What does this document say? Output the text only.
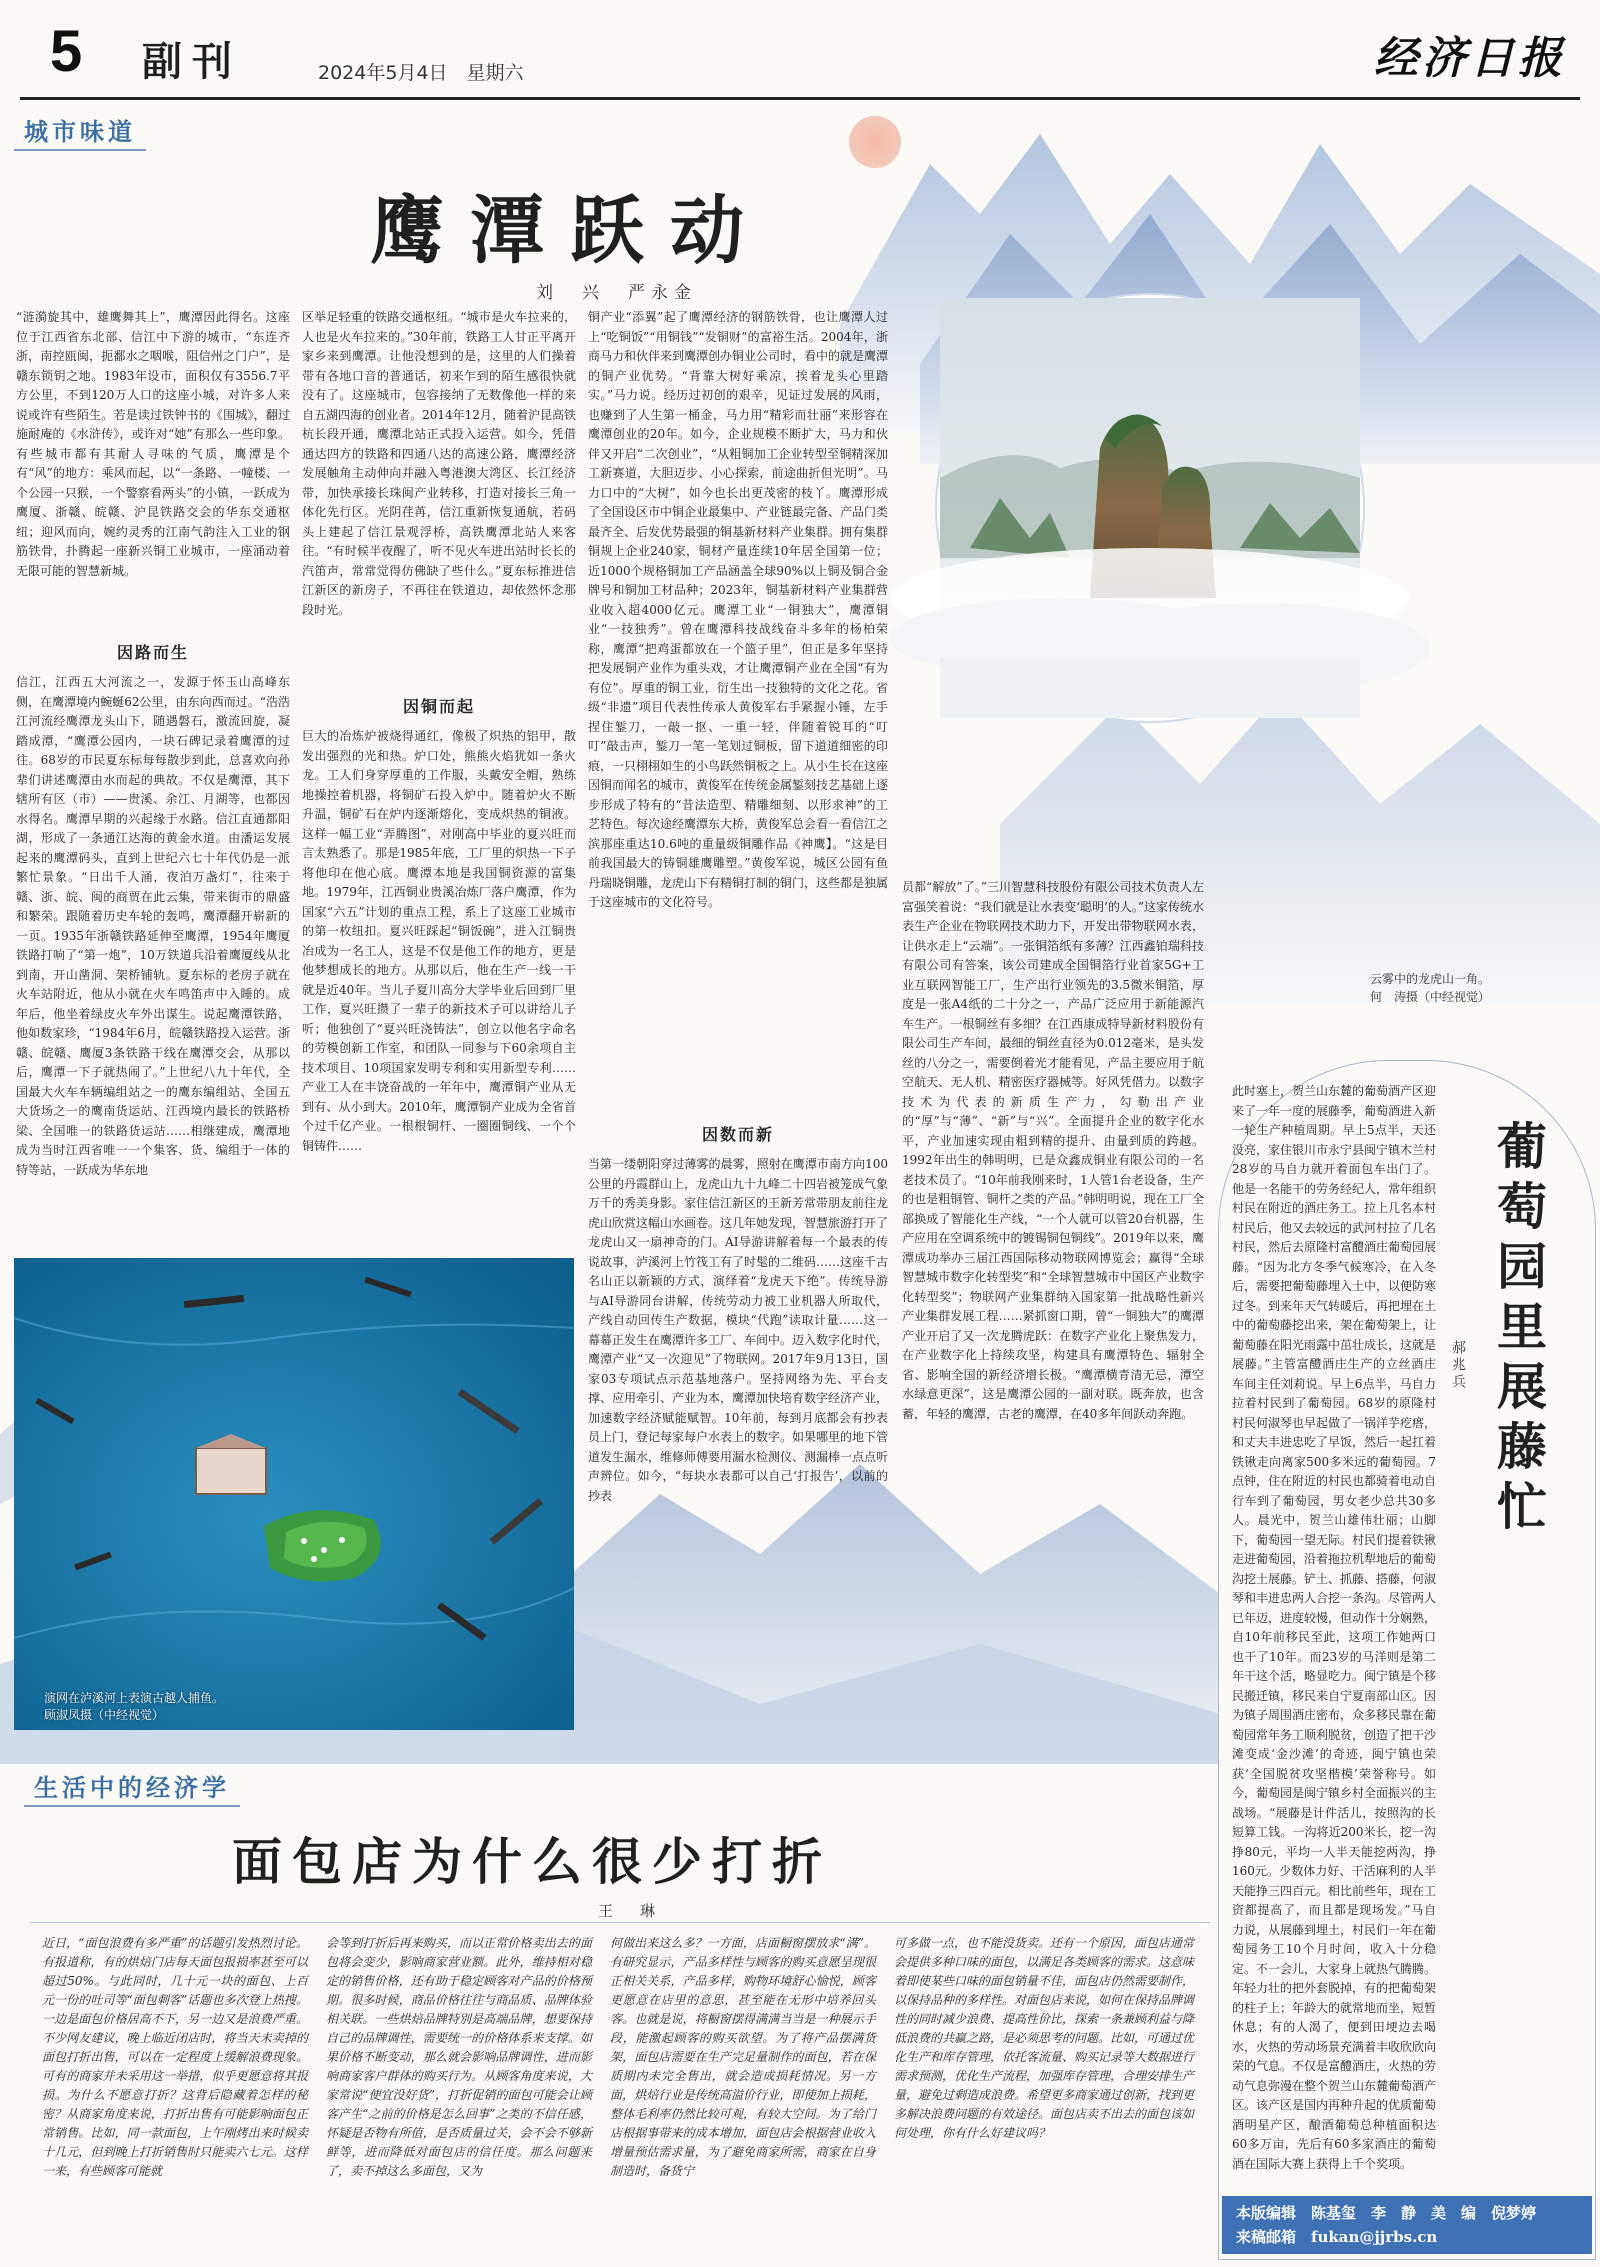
5 副刊	2024年5月4日　星期六	经济日报
城市味道
鹰潭跃动
刘　兴　严永金
“涟漪旋其中，雄鹰舞其上”，鹰潭因此得名。这座位于江西省东北部、信江中下游的城市，“东连齐浙，南控瓯闽，扼鄱水之咽喉，阻信州之门户”，是赣东锁钥之地。1983年设市，面积仅有3556.7平方公里，不到120万人口的这座小城，对许多人来说或许有些陌生。若是读过铁钟书的《围城》，翻过施耐庵的《水浒传》，或许对“她”有那么一些印象。有些城市都有其耐人寻味的气质，鹰潭是个有“风”的地方：乘风而起，以“一条路、一幢楼、一个公园一只猴，一个警察看两头”的小镇，一跃成为鹰厦、浙赣、皖赣、沪昆铁路交会的华东交通枢纽；迎风而向，婉约灵秀的江南气韵注入工业的钢筋铁骨，扑腾起一座新兴铜工业城市，一座涌动着无限可能的智慧新城。
因路而生
信江，江西五大河流之一，发源于怀玉山高峰东侧，在鹰潭境内蜿蜒62公里，由东向西而过。“浩浩江河流经鹰潭龙头山下，随遇磐石，激流回旋，凝踏成潭，“鹰潭公园内，一块石碑记录着鹰潭的过往。68岁的市民夏东标每每散步到此，总喜欢向孙辈们讲述鹰潭由水而起的典故。不仅是鹰潭，其下辖所有区（市）——贵溪、余江、月湖等，也都因水得名。鹰潭早期的兴起缘于水路。信江直通都阳湖，形成了一条通江达海的黄金水道。由潘运发展起来的鹰潭码头，直到上世纪六七十年代仍是一派繁忙景象。“日出千人涌，夜泊万盏灯”，往来于赣、浙、皖、闽的商贾在此云集，带来街市的鼎盛和繁荣。跟随着历史车轮的轰鸣，鹰潭翻开崭新的一页。1935年浙赣铁路延伸至鹰潭，1954年鹰厦铁路打响了“第一炮”，10万铁道兵沿着鹰厦线从北到南，开山凿洞、架桥铺轨。夏东标的老房子就在火车站附近，他从小就在火车鸣笛声中入睡的。成年后，他坐着绿皮火车外出谋生。说起鹰潭铁路，他如数家珍，“1984年6月，皖赣铁路投入运营。浙赣、皖赣、鹰厦3条铁路干线在鹰潭交会，从那以后，鹰潭一下子就热闹了。”上世纪八九十年代，全国最大火车车辆编组站之一的鹰东编组站、全国五大货场之一的鹰南货运站、江西境内最长的铁路桥梁、全国唯一的铁路货运站……相继建成，鹰潭地成为当时江西省唯一一个集客、货、编组于一体的特等站，一跃成为华东地
区举足轻重的铁路交通枢纽。“城市是火车拉来的，人也是火车拉来的。”30年前，铁路工人甘正平离开家乡来到鹰潭。让他没想到的是，这里的人们操着带有各地口音的普通话，初来乍到的陌生感很快就没有了。这座城市，包容接纳了无数像他一样的来自五湖四海的创业者。2014年12月，随着沪昆高铁杭长段开通，鹰潭北站正式投入运营。如今，凭借通达四方的铁路和四通八达的高速公路，鹰潭经济发展触角主动伸向并融入粤港澳大湾区、长江经济带，加快承接长珠闽产业转移，打造对接长三角一体化先行区。光阴荏苒，信江重新恢复通航，若码头上建起了信江景观浮桥，高铁鹰潭北站人来客往。“有时候半夜醒了，听不见火车进出站时长长的汽笛声，常常觉得仿佛缺了些什么。”夏东标推进信江新区的新房子，不再往在铁道边，却依然怀念那段时光。
因铜而起
巨大的冶炼炉被烧得通红，像极了炽热的铝甲，散发出强烈的光和热。炉口处，熊熊火焰犹如一条火龙。工人们身穿厚重的工作服，头戴安全帽，熟练地操控着机器，将铜矿石投入炉中。随着炉火不断升温，铜矿石在炉内逐渐熔化，变成炽热的铜液。这样一幅工业“弄腾图”，对刚高中毕业的夏兴旺而言太熟悉了。那是1985年底，工厂里的炽热一下子将他印在他心底。鹰潭本地是我国铜资源的富集地。1979年，江西铜业贵溪冶炼厂落户鹰潭，作为国家“六五”计划的重点工程，系上了这座工业城市的第一枚纽扣。夏兴旺踩起“铜饭碗”，进入江铜贵冶成为一名工人，这是不仅是他工作的地方，更是他梦想成长的地方。从那以后，他在生产一线一干就是近40年。当儿子夏川高分大学毕业后回到厂里工作，夏兴旺攒了一辈子的新技术子可以讲给儿子听；他独创了“夏兴旺浇铸法”，创立以他名字命名的劳模创新工作室，和团队一同参与下60余项自主技术项目、10项国家发明专利和实用新型专利……产业工人在丰饶奋战的一年年中，鹰潭铜产业从无到有、从小到大。2010年，鹰潭铜产业成为全省首个过千亿产业。一根根铜杆、一圈圈铜线、一个个铜铸件……
铜产业“添翼”起了鹰潭经济的钢筋铁骨，也让鹰潭人过上“吃铜饭”“用铜钱”“发铜财”的富裕生活。2004年，浙商马力和伙伴来到鹰潭创办铜业公司时，看中的就是鹰潭的铜产业优势。“背靠大树好乘凉，挨着龙头心里踏实。”马力说。经历过初创的艰辛，见证过发展的风雨，也赚到了人生第一桶金，马力用“精彩而壮丽”来形容在鹰潭创业的20年。如今，企业规模不断扩大，马力和伙伴又开启“二次创业”，“从粗铜加工企业转型至铜精深加工新赛道，大胆迈步、小心探索，前途曲折但光明”。马力口中的“大树”，如今也长出更茂密的枝丫。鹰潭形成了全国设区市中铜企业最集中、产业链最完备、产品门类最齐全、后发优势最强的铜基新材料产业集群。拥有集群铜规上企业240家，铜材产量连续10年居全国第一位；近1000个规格铜加工产品涵盖全球90%以上铜及铜合金牌号和铜加工材品种；2023年，铜基新材料产业集群营业收入超4000亿元。鹰潭工业“一铜独大”，鹰潭铜业“一技独秀”。曾在鹰潭科技战线奋斗多年的杨柏荣称，鹰潭“把鸡蛋都放在一个篮子里”，但正是多年坚持把发展铜产业作为重头戏，才让鹰潭铜产业在全国“有为有位”。厚重的铜工业，衍生出一技独特的文化之花。省级“非遗”项目代表性传承人黄俊军右手紧握小锤，左手捏住錾刀，一敲一抠、一重一轻，伴随着锐耳的“叮叮”敲击声，錾刀一笔一笔划过铜板，留下道道细密的印痕，一只栩栩如生的小鸟跃然铜板之上。从小生长在这座因铜而闻名的城市，黄俊军在传统金属錾刻技艺基础上逐步形成了特有的“昔法造型、精雕细刻、以形求神”的工艺特色。每次途经鹰潭东大桥，黄俊军总会看一看信江之滨那座重达10.6吨的重量级铜雕作品《神鹰】。“这是目前我国最大的铸铜雄鹰雕塑。”黄俊军说，城区公园有鱼丹瑞晓铜雕，龙虎山下有精铜打制的铜门，这些都是独属于这座城市的文化符号。
因数而新
当第一缕朝阳穿过薄雾的晨雾，照射在鹰潭市南方向100公里的丹霞群山上，龙虎山九十九峰二十四岩被笼成气象万千的秀美身影。家住信江新区的王新芳常带朋友前往龙虎山欣赏这幅山水画卷。这几年她发现，智慧旅游打开了龙虎山又一扇神奇的门。AI导游讲解着每一个最表的传说故事，泸溪河上竹筏工有了时髦的二维码……这座千古名山正以新颖的方式，演绎着“龙虎天下绝”。传统导游与AI导游同台讲解，传统劳动力被工业机器人所取代，产线自动回传生产数据，模块“代跑”读取计量……这一幕幕正发生在鹰潭许多工厂、车间中。迈入数字化时代，鹰潭产业“又一次迎见”了物联网。2017年9月13日，国家03专项试点示范基地落户。坚持网络为先、平台支撑、应用牵引、产业为本，鹰潭加快培育数字经济产业，加速数字经济赋能赋智。10年前，每到月底都会有抄表员上门，登记每家每户水表上的数字。如果哪里的地下管道发生漏水，维修师傅要用漏水检测仪、测漏棒一点点听声辨位。如今，“每块水表都可以自己‘打报告’，以前的抄表
员都“解放”了。”三川智慧科技股份有限公司技术负责人左富强笑着说：“我们就是让水表变‘聪明’的人。”这家传统水表生产企业在物联网技术助力下，开发出带物联网水表，让供水走上“云端”。一张铜箔纸有多薄？江西鑫铂瑞科技有限公司有答案，该公司建成全国铜箔行业首家5G+工业互联网智能工厂，生产出行业领先的3.5微米铜箔，厚度是一张A4纸的二十分之一，产品广泛应用于新能源汽车生产。一根铜丝有多细？在江西康成特导新材料股份有限公司生产车间，最细的铜丝直径为0.012毫米，是头发丝的八分之一，需要倒着光才能看见，产品主要应用于航空航天、无人机、精密医疗器械等。好风凭借力。以数字技术为代表的新质生产力，勾勒出产业的“厚”与“薄”、“新”与“兴”。全面提升企业的数字化水平，产业加速实现由粗到精的提升、由量到质的跨越。1992年出生的韩明明，已是众鑫成铜业有限公司的一名老技术员了。“10年前我刚来时，1人管1台老设备，生产的也是粗铜管、铜杆之类的产品。”韩明明说，现在工厂全部换成了智能化生产线，“一个人就可以管20台机器，生产应用在空调系统中的镀锡铜包铜线”。2019年以来，鹰潭成功举办三届江西国际移动物联网博览会；赢得“全球智慧城市数字化转型奖”和“全球智慧城市中国区产业数字化转型奖”；物联网产业集群纳入国家第一批战略性新兴产业集群发展工程……紧抓窗口期，曾“一铜独大”的鹰潭产业开启了又一次龙腾虎跃：在数字产业化上聚焦发力，在产业数字化上持续攻坚，构建具有鹰潭特色、辐射全省、影响全国的新经济增长极。“鹰潭横青清无忌，潭空水绿意更深”，这是鹰潭公园的一副对联。既奔放，也含蓄，年轻的鹰潭，古老的鹰潭，在40多年间跃动奔跑。
云雾中的龙虎山一角。
何　涛摄（中经视觉）
演网在泸溪河上表演古越人捕鱼。
顾淑凤摄（中经视觉）
葡萄园里展藤忙
郝兆兵
此时塞上，贺兰山东麓的葡萄酒产区迎来了一年一度的展藤季，葡萄酒进入新一轮生产种植周期。早上5点半，天还没亮，家住银川市永宁县闽宁镇木兰村28岁的马自力就开着面包车出门了。他是一名能干的劳务经纪人，常年组织村民在附近的酒庄务工。拉上几名本村村民后，他又去较远的武河村拉了几名村民，然后去原隆村富醴酒庄葡萄园展藤。“因为北方冬季气候寒冷，在入冬后，需要把葡萄藤埋入土中，以便防寒过冬。到来年天气转暖后，再把埋在土中的葡萄藤挖出来，架在葡萄架上，让葡萄藤在阳光雨露中茁壮成长，这就是展藤。”主管富醴酒庄生产的立丝酒庄车间主任刘莉说。早上6点半，马自力拉着村民到了葡萄园。68岁的原隆村村民何淑琴也早起做了一锅洋芋疙瘩，和丈夫丰进忠吃了早饭，然后一起扛着铁锹走向离家500多米远的葡萄园。7点钟，住在附近的村民也都骑着电动自行车到了葡萄园，男女老少总共30多人。晨光中，贺兰山雄伟壮丽；山脚下，葡萄园一望无际。村民们提着铁锹走进葡萄园，沿着拖拉机犁地后的葡萄沟挖土展藤。铲土、抓藤、搭藤，何淑琴和丰进忠两人合挖一条沟。尽管两人已年迈，进度较慢，但动作十分娴熟，自10年前移民至此，这项工作她两口也干了10年。而23岁的马洋则是第二年干这个活，略显吃力。闽宁镇是个移民搬迁镇，移民来自宁夏南部山区。因为镇子周围酒庄密布，众多移民靠在葡萄园常年务工顺利脱贫，创造了把干沙滩变成‘金沙滩’的奇迹，闽宁镇也荣获‘全国脱贫攻坚楷模’荣誉称号。如今，葡萄园是闽宁镇乡村全面振兴的主战场。“展藤是计件活儿，按照沟的长短算工钱。一沟将近200米长，挖一沟挣80元，平均一人半天能挖两沟，挣160元。少数体力好、干活麻利的人半天能挣三四百元。相比前些年，现在工资都提高了，而且都是现场发。”马自力说，从展藤到埋土，村民们一年在葡萄园务工10个月时间，收入十分稳定。不一会儿，大家身上就热气腾腾。年轻力壮的把外套脱掉，有的把葡萄架的柱子上；年龄大的就常地而坐，短暂休息；有的人渴了，便到田埂边去喝水，火热的劳动场景充满着丰收欣欣向荣的气息。不仅是富醴酒庄，火热的劳动气息弥漫在整个贺兰山东麓葡萄酒产区。该产区是国内再种升起的优质葡萄酒明星产区，酿酒葡萄总种植面积达60多万亩，先后有60多家酒庄的葡萄酒在国际大赛上获得上千个奖项。
本版编辑　陈基玺　李　静　美　编　倪梦婷
来稿邮箱　fukan@jjrbs.cn
生活中的经济学
面包店为什么很少打折
王　琳
近日，“面包浪费有多严重”的话题引发热烈讨论。有报道称，有的烘焙门店每天面包报损率甚至可以超过50%。与此同时，几十元一块的面包、上百元一份的吐司等“面包刺客”话题也多次登上热搜。一边是面包价格居高不下，另一边又是浪费严重。不少网友建议，晚上临近闭店时，将当天未卖掉的面包打折出售，可以在一定程度上缓解浪费现象。可有的商家并未采用这一举措，似乎更愿意将其报损。为什么不愿意打折？这背后隐藏着怎样的秘密？从商家角度来说，打折出售有可能影响面包正常销售。比如，同一款面包，上午刚烤出来时候卖十几元，但到晚上打折销售时只能卖六七元。这样一来，有些顾客可能就
会等到打折后再来购买，而以正常价格卖出去的面包将会变少，影响商家营业额。此外，维持相对稳定的销售价格，还有助于稳定顾客对产品的价格预期。很多时候，商品价格往往与商品质、品牌体验相关联。一些烘焙品牌特别是高端品牌，想要保持自己的品牌调性，需要统一的价格体系来支撑。如果价格不断变动，那么就会影响品牌调性，进而影响商家客户群体的购买行为。从顾客角度来说，大家常说“便宜没好货”，打折促销的面包可能会让顾客产生“之前的价格是怎么回事”之类的不信任感，怀疑是否物有所值，是否质量过关，会不会不够新鲜等，进而降低对面包店的信任度。那么问题来了，卖不掉这么多面包，又为
何做出来这么多？一方面，店面橱窗摆放求“满”。有研究显示，产品多样性与顾客的购买意愿呈现很正相关关系，产品多样，购物环境舒心愉悦，顾客更愿意在店里的意思，甚至能在无形中培养回头客。也就是说，将橱窗摆得满满当当是一种展示手段，能激起顾客的购买欲望。为了将产品摆满货架，面包店需要在生产完足量制作的面包，若在保质期内未完全售出，就会造成损耗情况。另一方面，烘焙行业是传统高溢价行业，即使加上损耗，整体毛利率仍然比较可观，有较大空间。为了给门店根据事带来的成本增加，面包店会根据营业收入增量预估需求量，为了避免商家所需，商家在自身制造时，备货宁
可多做一点，也不能没货卖。还有一个原因，面包店通常会提供多种口味的面包，以满足各类顾客的需求。这意味着即使某些口味的面包销量不佳，面包店仍然需要制作，以保持品种的多样性。对面包店来说，如何在保持品牌调性的同时减少浪费、提高性价比，探索一条兼顾利益与降低浪费的共赢之路，是必须思考的问题。比如，可通过优化生产和库存管理，依托客流量、购买记录等大数据进行需求预测，优化生产流程，加强库存管理，合理安排生产量，避免过剩造成浪费。希望更多商家通过创新，找到更多解决浪费问题的有效途径。面包店卖不出去的面包该如何处理，你有什么好建议吗？
